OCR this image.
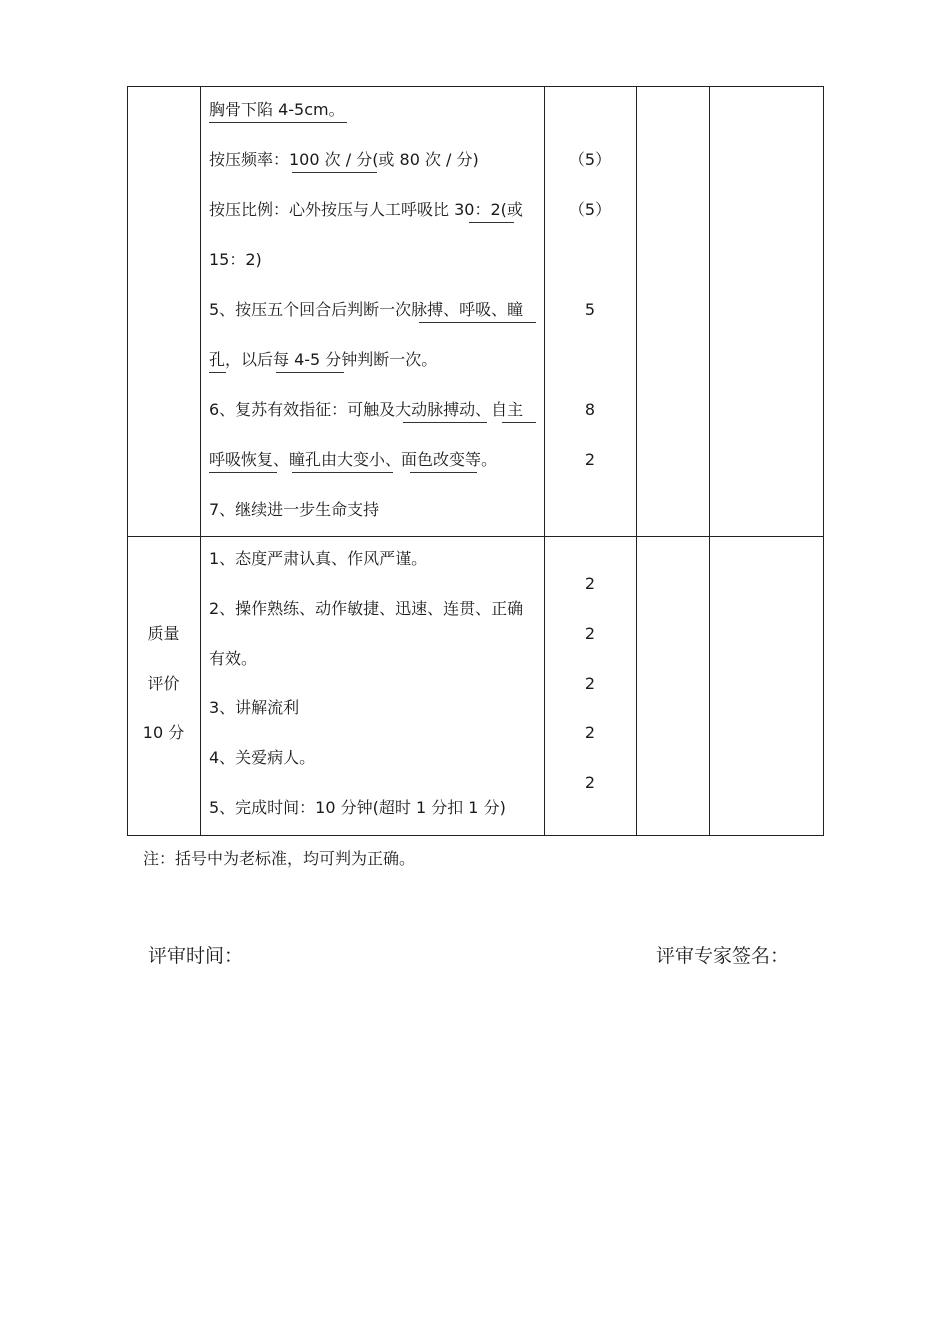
胸骨下陷 4-5cm。
按压频率：100 次 / 分(或 80 次 / 分)
按压比例：心外按压与人工呼吸比 30：2(或
15：2)
5、按压五个回合后判断一次脉搏、呼吸、瞳
孔，以后每 4-5 分钟判断一次。
6、复苏有效指征：可触及大动脉搏动、自主
呼吸恢复、瞳孔由大变小、面色改变等。
7、继续进一步生命支持
（5）
（5）
5
8
2
质量
评价
10 分
1、态度严肃认真、作风严谨。
2、操作熟练、动作敏捷、迅速、连贯、正确
有效。
3、讲解流利
4、关爱病人。
5、完成时间：10 分钟(超时 1 分扣 1 分)
2
2
2
2
2
注：括号中为老标准，均可判为正确。
评审时间：	评审专家签名：
